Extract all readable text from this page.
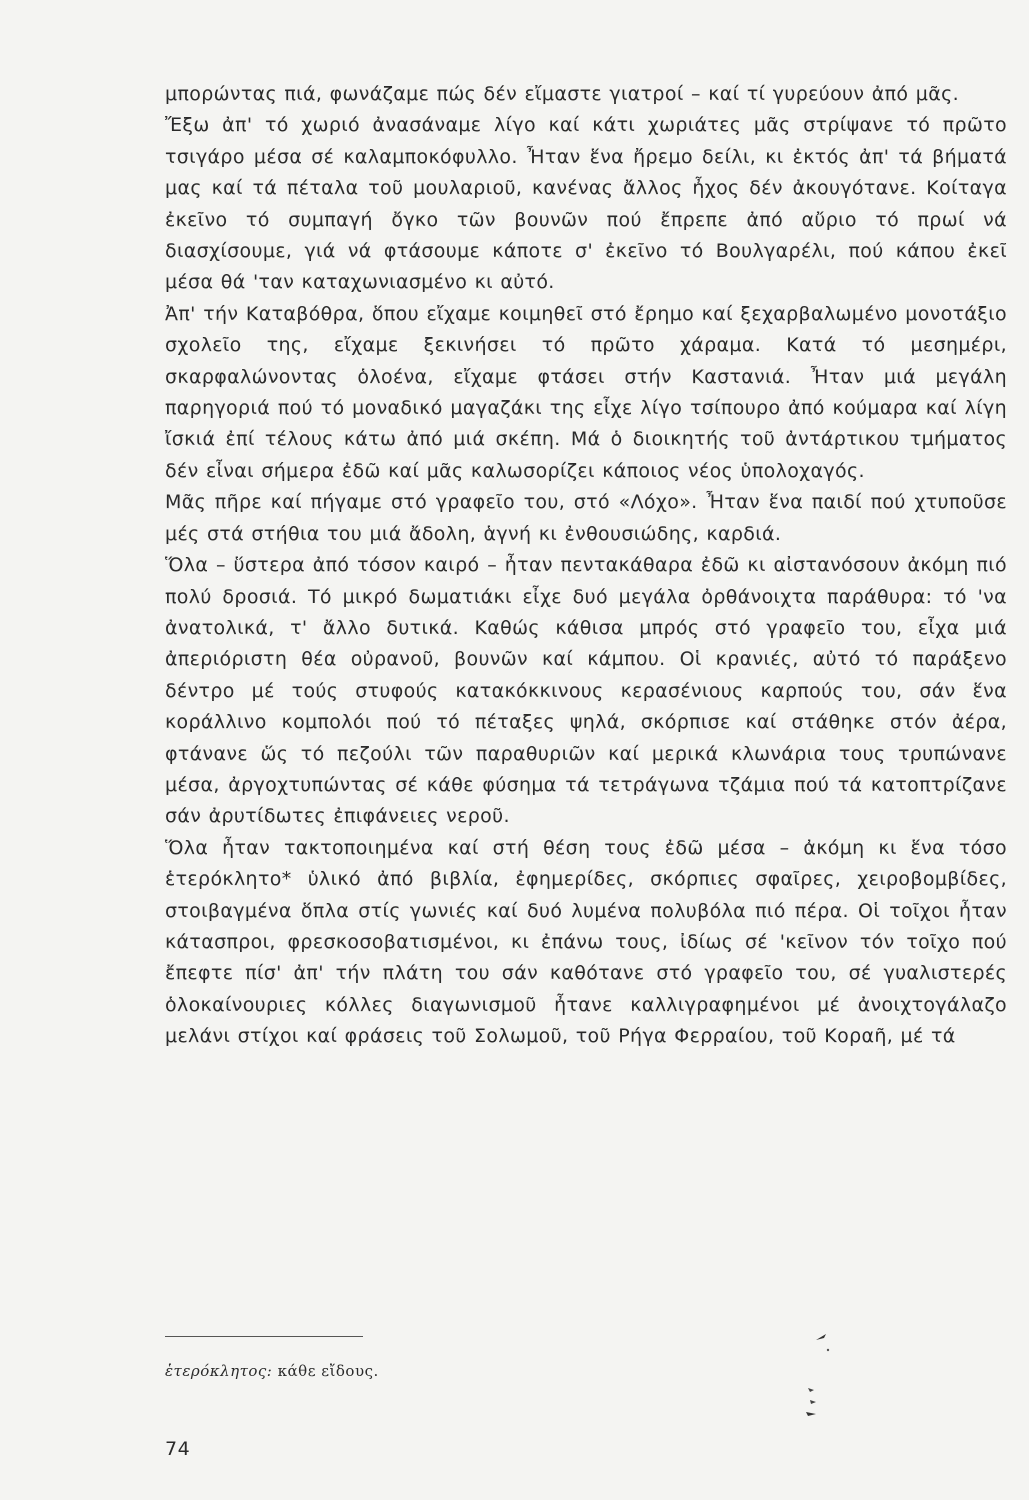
μπορώντας πιά, φωνάζαμε πώς δέν εἴμαστε γιατροί – καί τί γυρεύουν ἀπό μᾶς.

Ἔξω ἀπ' τό χωριό ἀνασάναμε λίγο καί κάτι χωριάτες μᾶς στρίψανε τό πρῶτο τσιγάρο μέσα σέ καλαμποκόφυλλο. Ἦταν ἕνα ἤρεμο δείλι, κι ἐκτός ἀπ' τά βήματά μας καί τά πέταλα τοῦ μουλαριοῦ, κανένας ἄλλος ἦχος δέν ἀκουγότανε. Κοίταγα ἐκεῖνο τό συμπαγή ὄγκο τῶν βουνῶν πού ἔπρεπε ἀπό αὔριο τό πρωί νά διασχίσουμε, γιά νά φτάσουμε κάποτε σ' ἐκεῖνο τό Βουλγαρέλι, πού κάπου ἐκεῖ μέσα θά 'ταν καταχωνιασμένο κι αὐτό.

Ἀπ' τήν Καταβόθρα, ὅπου εἴχαμε κοιμηθεῖ στό ἔρημο καί ξεχαρβαλωμένο μονοτάξιο σχολεῖο της, εἴχαμε ξεκινήσει τό πρῶτο χάραμα. Κατά τό μεσημέρι, σκαρφαλώνοντας ὁλοένα, εἴχαμε φτάσει στήν Καστανιά. Ἦταν μιά μεγάλη παρηγοριά πού τό μοναδικό μαγαζάκι της εἶχε λίγο τσίπουρο ἀπό κούμαρα καί λίγη ἴσκιά ἐπί τέλους κάτω ἀπό μιά σκέπη. Μά ὁ διοικητής τοῦ ἀντάρτικου τμήματος δέν εἶναι σήμερα ἐδῶ καί μᾶς καλωσορίζει κάποιος νέος ὑπολοχαγός.

Μᾶς πῆρε καί πήγαμε στό γραφεῖο του, στό «Λόχο». Ἦταν ἕνα παιδί πού χτυποῦσε μές στά στήθια του μιά ἄδολη, ἁγνή κι ἐνθουσιώδης, καρδιά.

Ὅλα – ὕστερα ἀπό τόσον καιρό – ἦταν πεντακάθαρα ἐδῶ κι αἰστανόσουν ἀκόμη πιό πολύ δροσιά. Τό μικρό δωματιάκι εἶχε δυό μεγάλα ὀρθάνοιχτα παράθυρα: τό 'να ἀνατολικά, τ' ἄλλο δυτικά. Καθώς κάθισα μπρός στό γραφεῖο του, εἶχα μιά ἀπεριόριστη θέα οὐρανοῦ, βουνῶν καί κάμπου. Οἱ κρανιές, αὐτό τό παράξενο δέντρο μέ τούς στυφούς κατακόκκινους κερασένιους καρπούς του, σάν ἕνα κοράλλινο κομπολόι πού τό πέταξες ψηλά, σκόρπισε καί στάθηκε στόν ἀέρα, φτάνανε ὥς τό πεζούλι τῶν παραθυριῶν καί μερικά κλωνάρια τους τρυπώνανε μέσα, ἀργοχτυπώντας σέ κάθε φύσημα τά τετράγωνα τζάμια πού τά κατοπτρίζανε σάν ἀρυτίδωτες ἐπιφάνειες νεροῦ.

Ὅλα ἦταν τακτοποιημένα καί στή θέση τους ἐδῶ μέσα – ἀκόμη κι ἕνα τόσο ἑτερόκλητο* ὑλικό ἀπό βιβλία, ἐφημερίδες, σκόρπιες σφαῖρες, χειροβομβίδες, στοιβαγμένα ὅπλα στίς γωνιές καί δυό λυμένα πολυβόλα πιό πέρα. Οἱ τοῖχοι ἦταν κάτασπροι, φρεσκοσοβατισμένοι, κι ἐπάνω τους, ἰδίως σέ 'κεῖνον τόν τοῖχο πού ἔπεφτε πίσ' ἀπ' τήν πλάτη του σάν καθότανε στό γραφεῖο του, σέ γυαλιστερές ὁλοκαίνουριες κόλλες διαγωνισμοῦ ἦτανε καλλιγραφημένοι μέ ἀνοιχτογάλαζο μελάνι στίχοι καί φράσεις τοῦ Σολωμοῦ, τοῦ Ρήγα Φερραίου, τοῦ Κοραῆ, μέ τά

ἑτερόκλητος: κάθε εἴδους.
74
